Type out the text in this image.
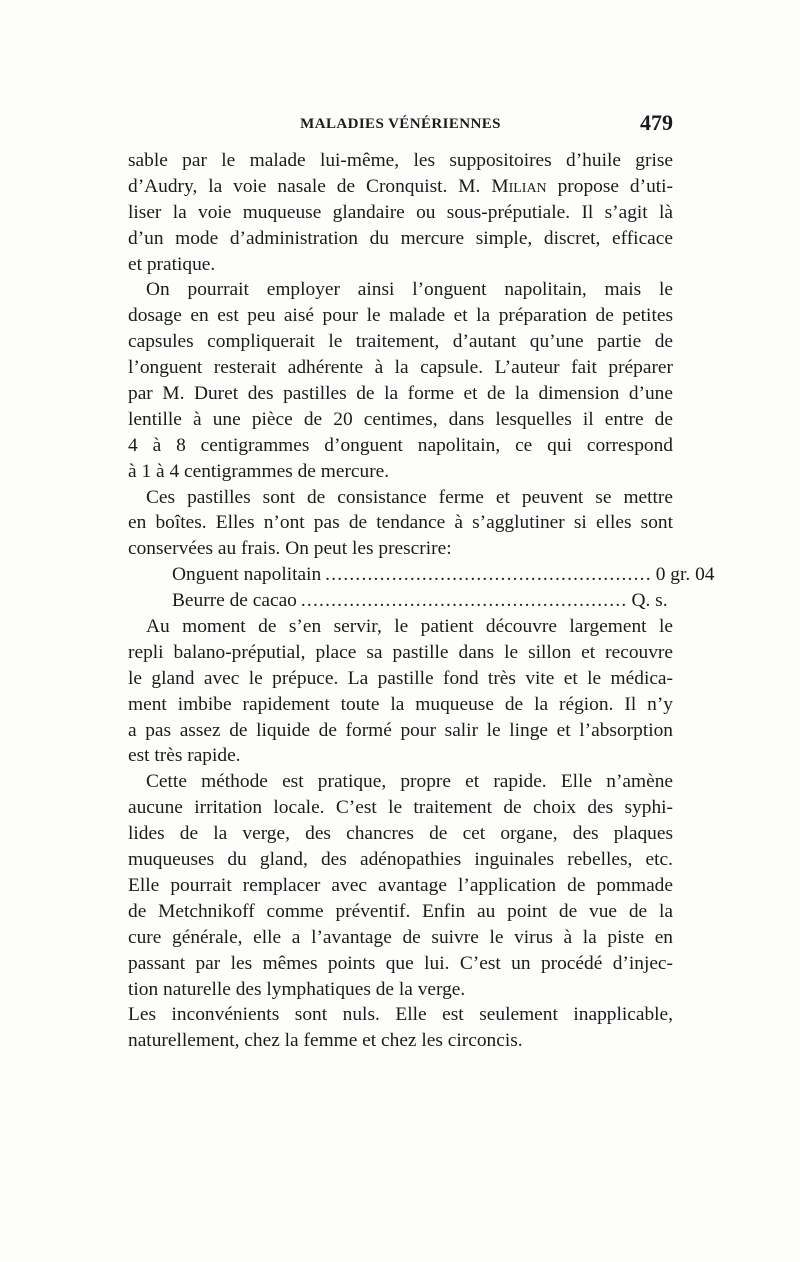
MALADIES VÉNÉRIENNES	479
sable par le malade lui-même, les suppositoires d’huile grise
d’Audry, la voie nasale de Cronquist. M. Milian propose d’uti-
liser la voie muqueuse glandaire ou sous-préputiale. Il s’agit là
d’un mode d’administration du mercure simple, discret, efficace
et pratique.
On pourrait employer ainsi l’onguent napolitain, mais le
dosage en est peu aisé pour le malade et la préparation de petites
capsules compliquerait le traitement, d’autant qu’une partie de
l’onguent resterait adhérente à la capsule. L’auteur fait préparer
par M. Duret des pastilles de la forme et de la dimension d’une
lentille à une pièce de 20 centimes, dans lesquelles il entre de
4 à 8 centigrammes d’onguent napolitain, ce qui correspond
à 1 à 4 centigrammes de mercure.
Ces pastilles sont de consistance ferme et peuvent se mettre
en boîtes. Elles n’ont pas de tendance à s’agglutiner si elles sont
conservées au frais. On peut les prescrire:
Onguent napolitain ...................................................... 0 gr. 04
Beurre de cacao ...................................................... Q. s.
Au moment de s’en servir, le patient découvre largement le
repli balano-préputial, place sa pastille dans le sillon et recouvre
le gland avec le prépuce. La pastille fond très vite et le médica-
ment imbibe rapidement toute la muqueuse de la région. Il n’y
a pas assez de liquide de formé pour salir le linge et l’absorption
est très rapide.
Cette méthode est pratique, propre et rapide. Elle n’amène
aucune irritation locale. C’est le traitement de choix des syphi-
lides de la verge, des chancres de cet organe, des plaques
muqueuses du gland, des adénopathies inguinales rebelles, etc.
Elle pourrait remplacer avec avantage l’application de pommade
de Metchnikoff comme préventif. Enfin au point de vue de la
cure générale, elle a l’avantage de suivre le virus à la piste en
passant par les mêmes points que lui. C’est un procédé d’injec-
tion naturelle des lymphatiques de la verge.
Les inconvénients sont nuls. Elle est seulement inapplicable,
naturellement, chez la femme et chez les circoncis.
